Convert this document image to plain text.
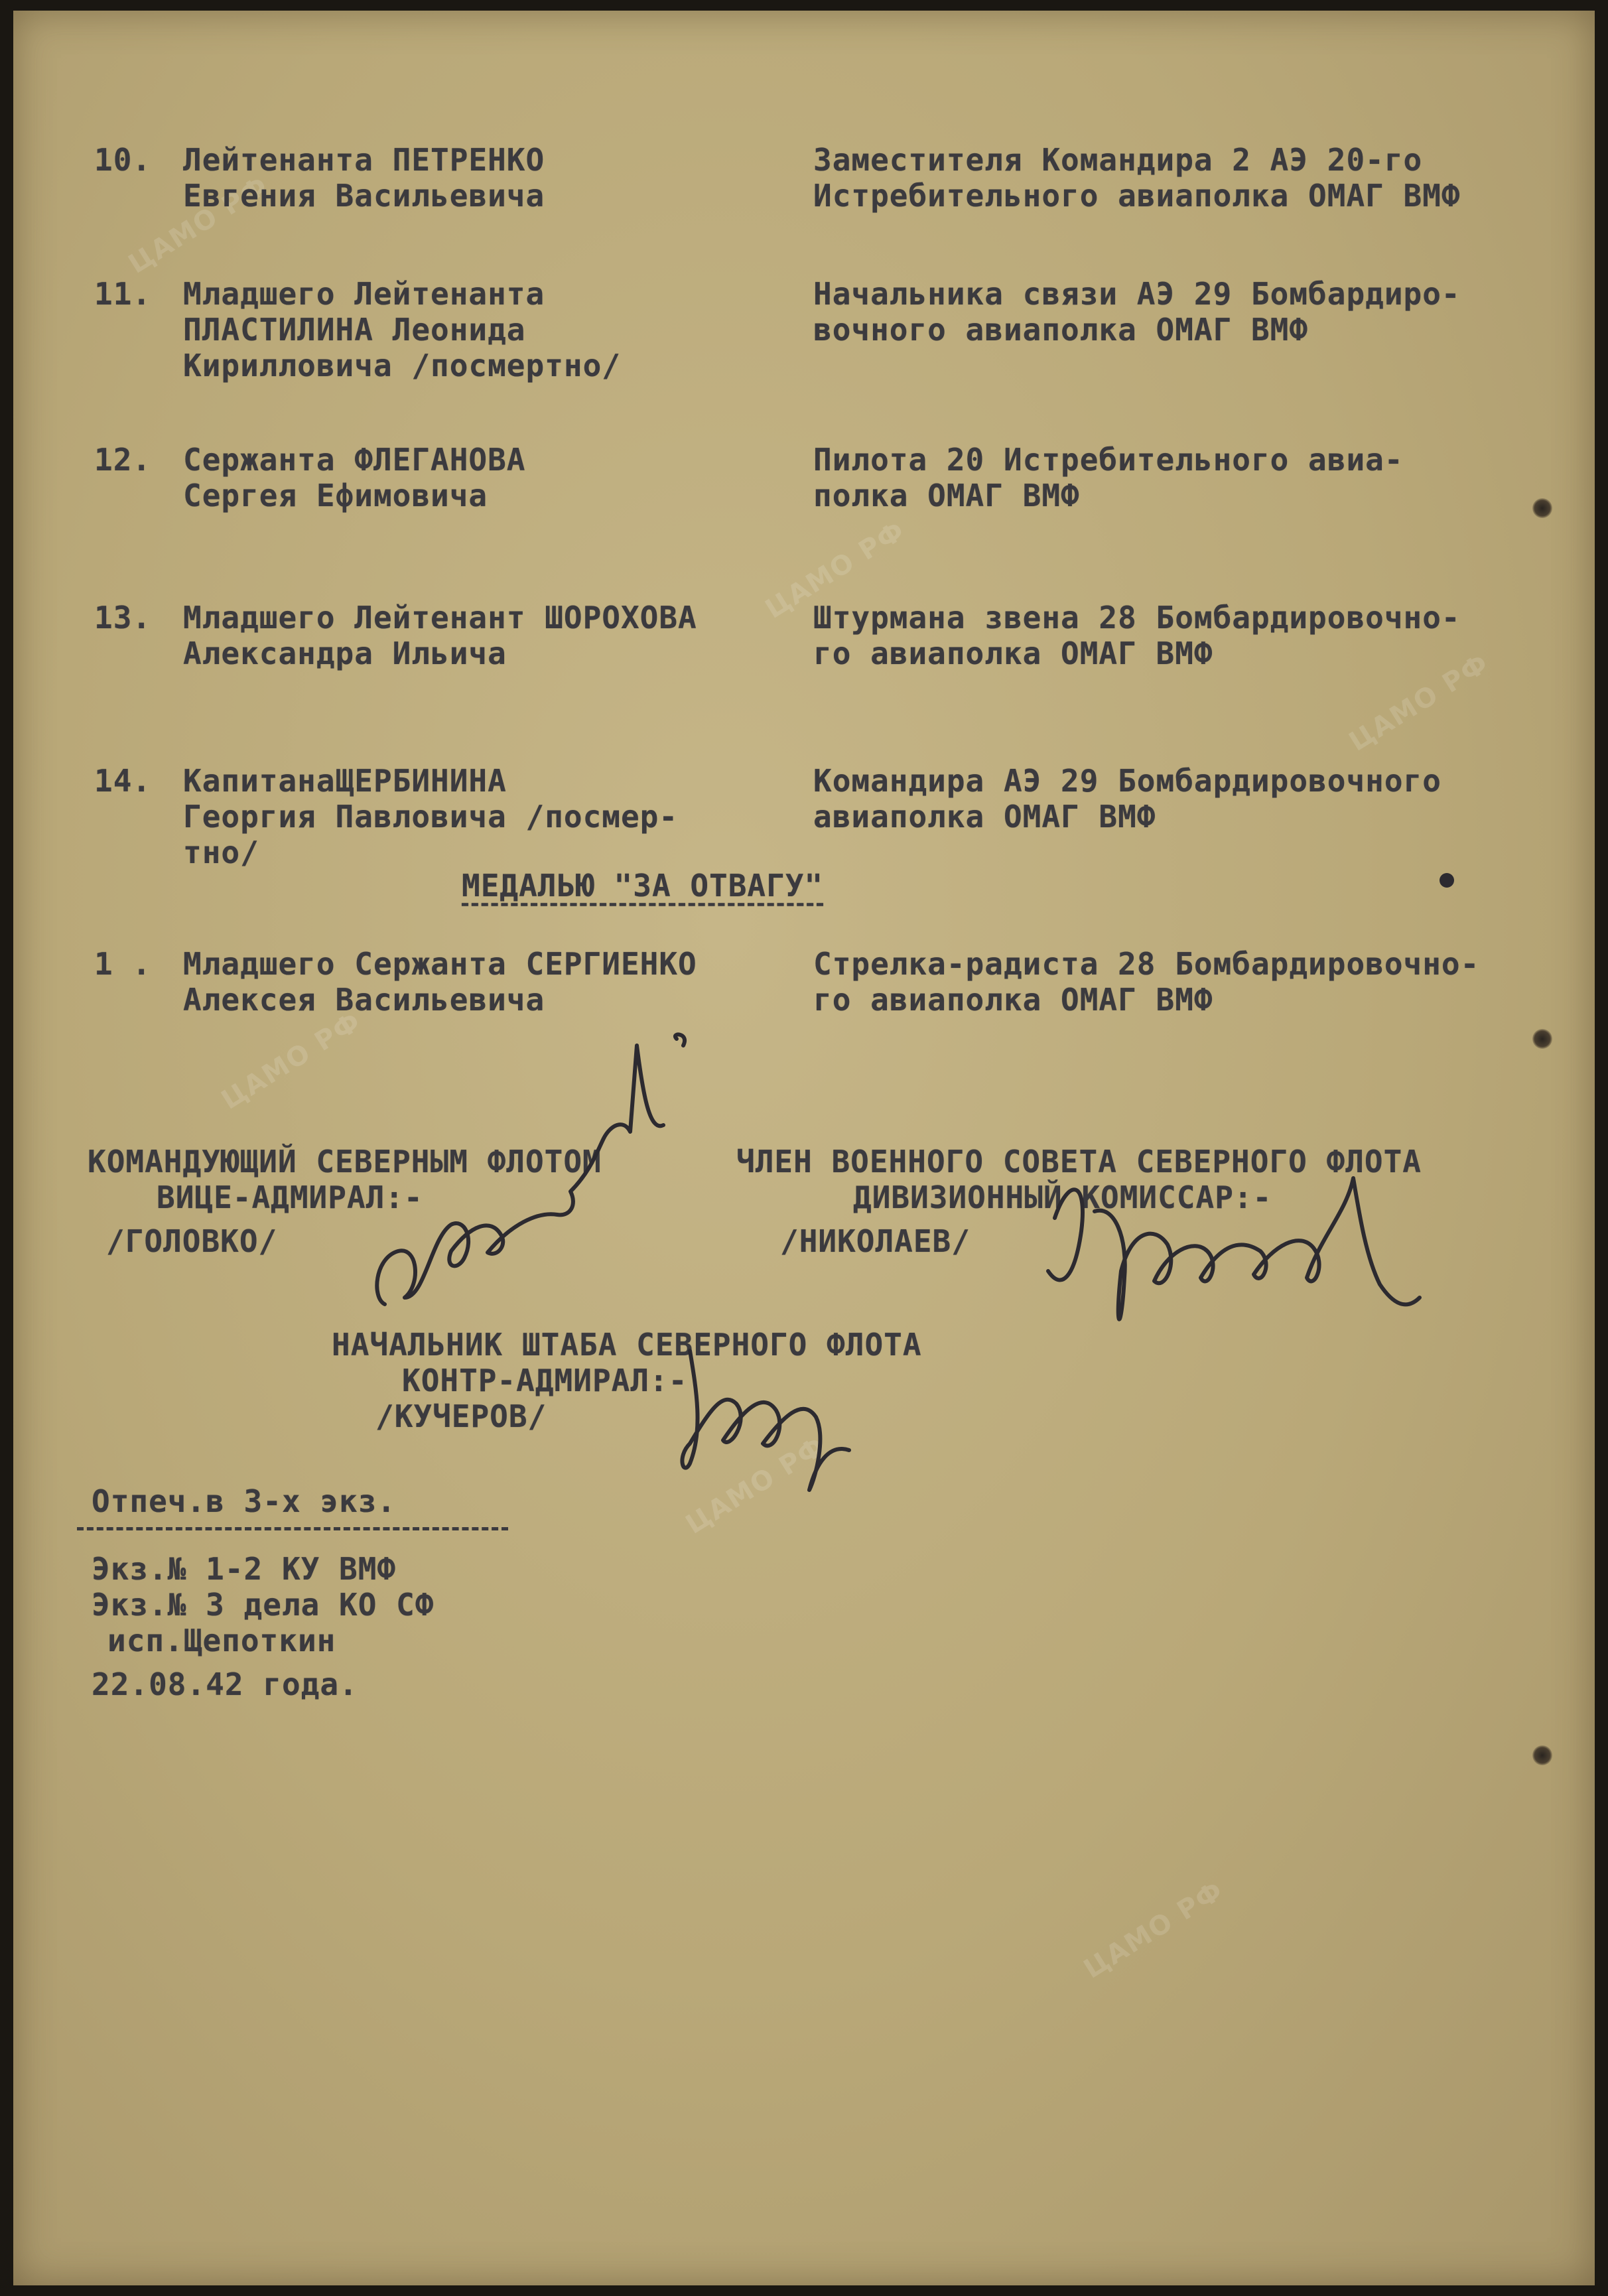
ЦАМО РФ
ЦАМО РФ
ЦАМО РФ
ЦАМО РФ
ЦАМО РФ
ЦАМО РФ

10. Лейтенанта ПЕТРЕНКО

Евгения Васильевича

Заместителя Командира 2 АЭ 20-го

Истребительного авиаполка ОМАГ ВМФ

11. Младшего Лейтенанта

ПЛАСТИЛИНА Леонида

Кирилловича /посмертно/

Начальника связи АЭ 29 Бомбардиро-

вочного авиаполка ОМАГ ВМФ

12. Сержанта ФЛЕГАНОВА

Сергея Ефимовича

Пилота 20 Истребительного авиа-

полка ОМАГ ВМФ

13. Младшего Лейтенант ШОРОХОВА

Александра Ильича

Штурмана звена 28 Бомбардировочно-

го авиаполка ОМАГ ВМФ

14. КапитанаЩЕРБИНИНА

Георгия Павловича /посмер-

тно/

Командира АЭ 29 Бомбардировочного

авиаполка ОМАГ ВМФ

МЕДАЛЬЮ "ЗА ОТВАГУ"

1 . Младшего Сержанта СЕРГИЕНКО

Алексея Васильевича

Стрелка-радиста 28 Бомбардировочно-

го авиаполка ОМАГ ВМФ

КОМАНДУЮЩИЙ СЕВЕРНЫМ ФЛОТОМ

ВИЦЕ-АДМИРАЛ:-

/ГОЛОВКО/

ЧЛЕН ВОЕННОГО СОВЕТА СЕВЕРНОГО ФЛОТА

ДИВИЗИОННЫЙ КОМИССАР:-

/НИКОЛАЕВ/

НАЧАЛЬНИК ШТАБА СЕВЕРНОГО ФЛОТА

КОНТР-АДМИРАЛ:-

/КУЧЕРОВ/

Отпеч.в 3-х экз.

Экз.№ 1-2 КУ ВМФ

Экз.№ 3 дела КО СФ

исп.Щепоткин

22.08.42 года.
